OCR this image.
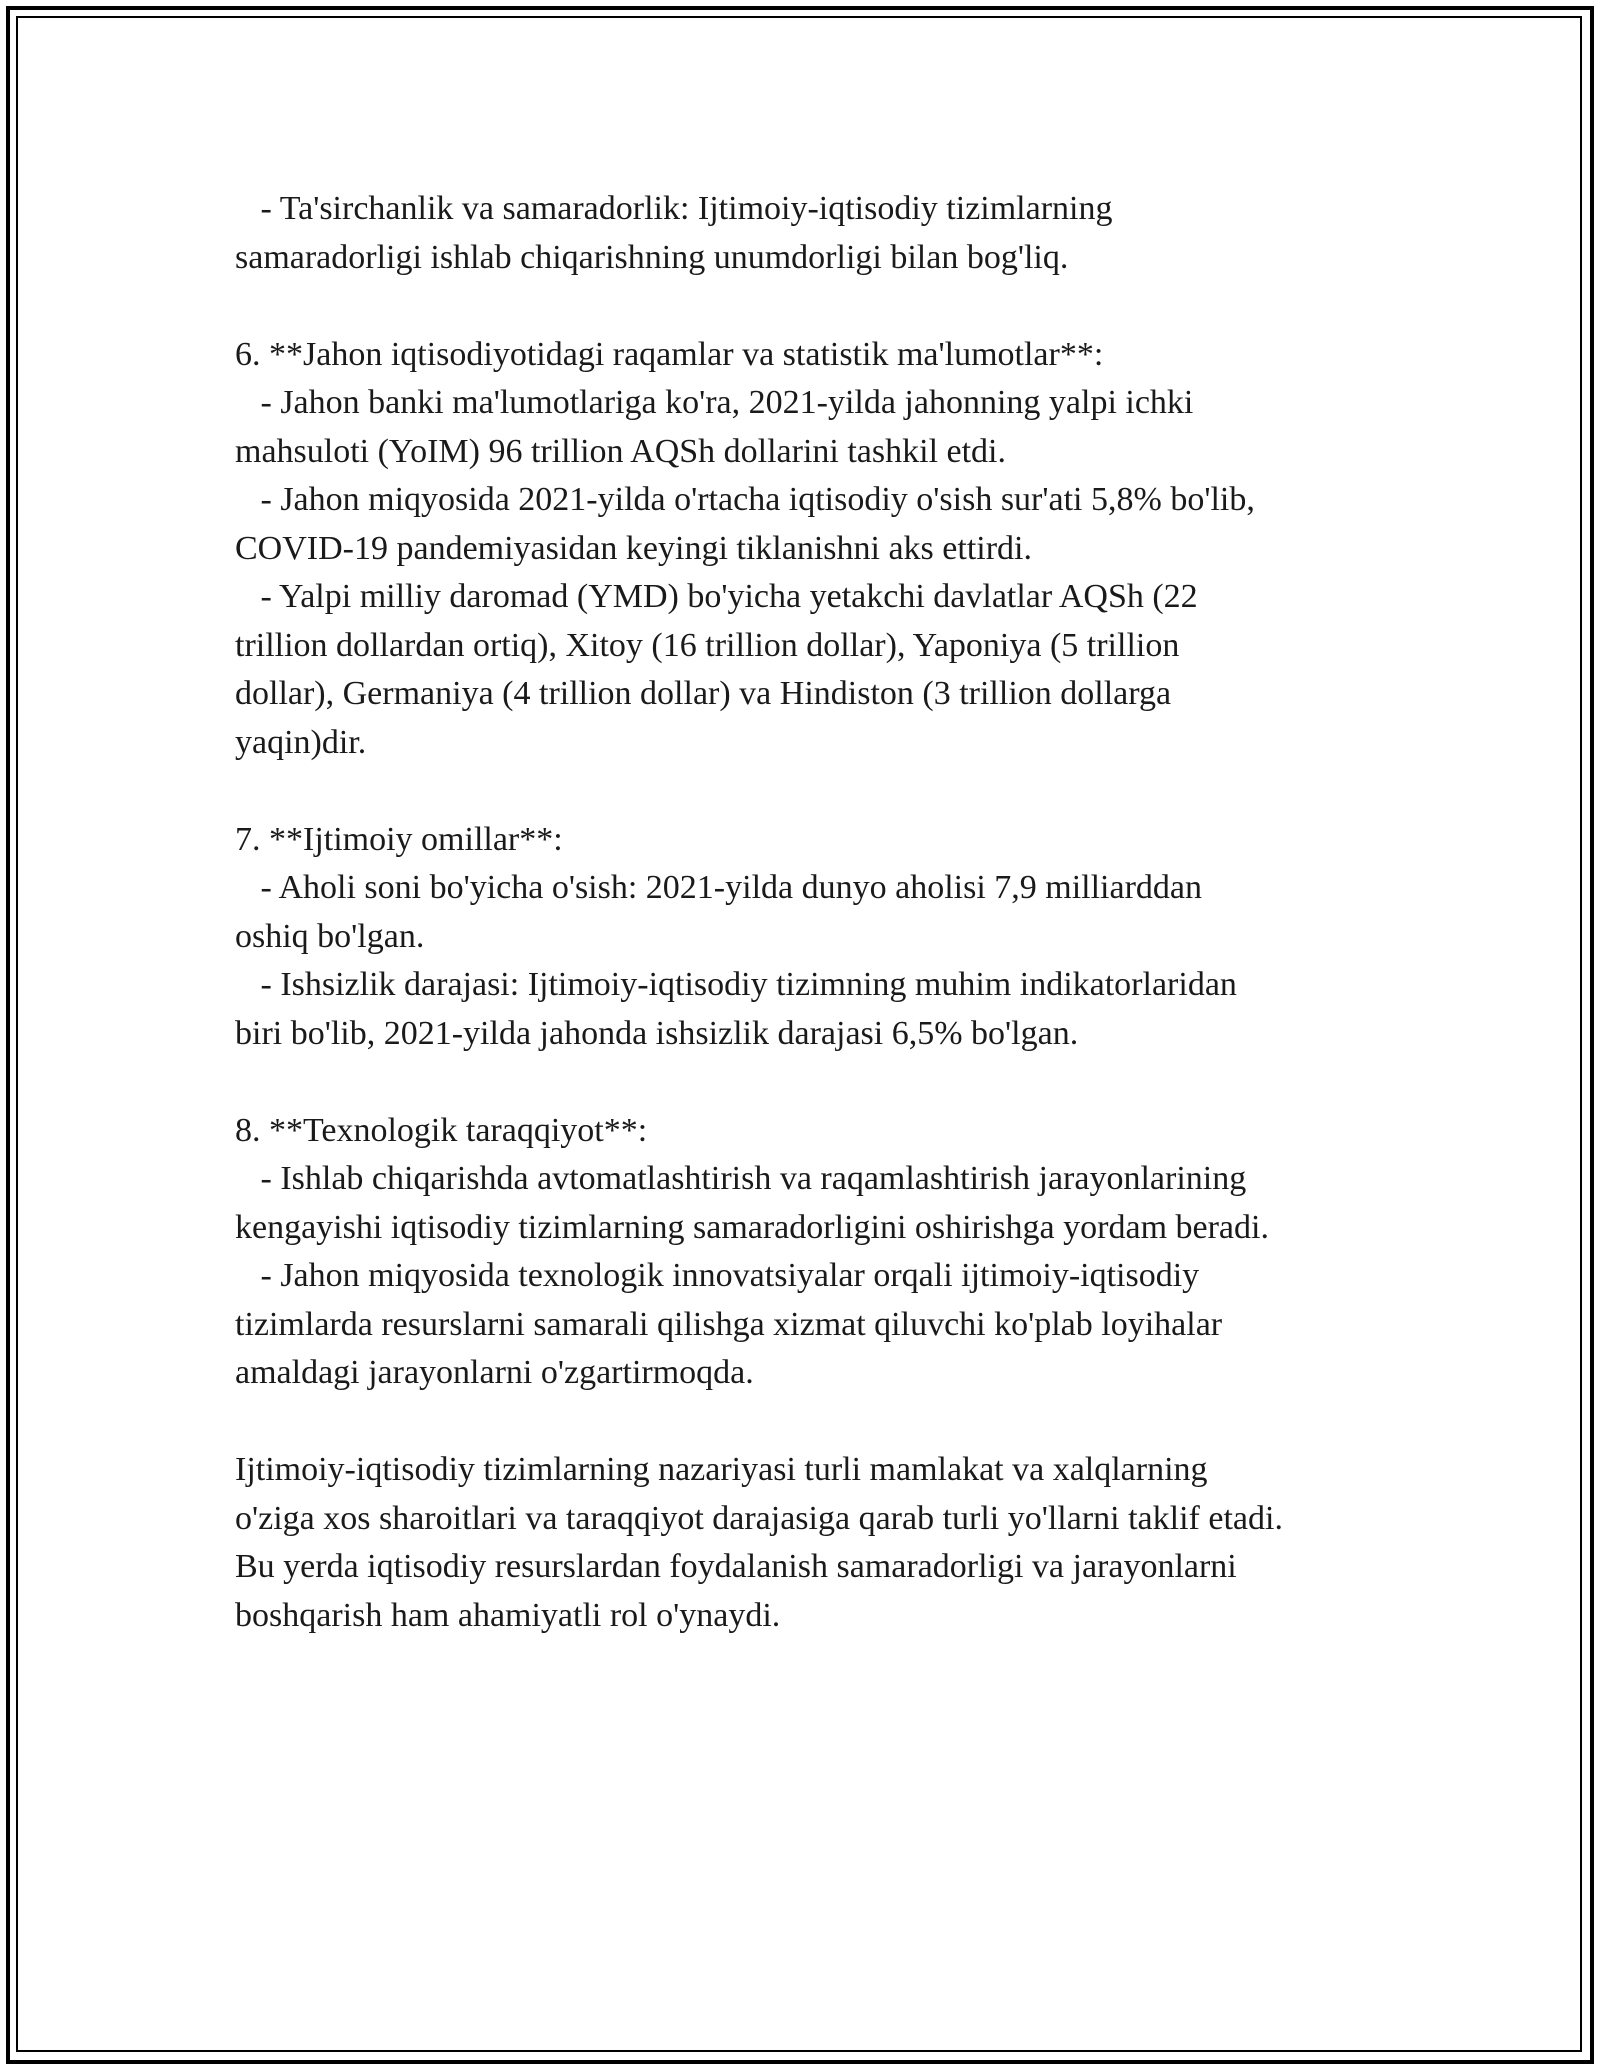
- Ta'sirchanlik va samaradorlik: Ijtimoiy-iqtisodiy tizimlarning
samaradorligi ishlab chiqarishning unumdorligi bilan bog'liq.
6. **Jahon iqtisodiyotidagi raqamlar va statistik ma'lumotlar**:
- Jahon banki ma'lumotlariga ko'ra, 2021-yilda jahonning yalpi ichki
mahsuloti (YoIM) 96 trillion AQSh dollarini tashkil etdi.
- Jahon miqyosida 2021-yilda o'rtacha iqtisodiy o'sish sur'ati 5,8% bo'lib,
COVID-19 pandemiyasidan keyingi tiklanishni aks ettirdi.
- Yalpi milliy daromad (YMD) bo'yicha yetakchi davlatlar AQSh (22
trillion dollardan ortiq), Xitoy (16 trillion dollar), Yaponiya (5 trillion
dollar), Germaniya (4 trillion dollar) va Hindiston (3 trillion dollarga
yaqin)dir.
7. **Ijtimoiy omillar**:
- Aholi soni bo'yicha o'sish: 2021-yilda dunyo aholisi 7,9 milliarddan
oshiq bo'lgan.
- Ishsizlik darajasi: Ijtimoiy-iqtisodiy tizimning muhim indikatorlaridan
biri bo'lib, 2021-yilda jahonda ishsizlik darajasi 6,5% bo'lgan.
8. **Texnologik taraqqiyot**:
- Ishlab chiqarishda avtomatlashtirish va raqamlashtirish jarayonlarining
kengayishi iqtisodiy tizimlarning samaradorligini oshirishga yordam beradi.
- Jahon miqyosida texnologik innovatsiyalar orqali ijtimoiy-iqtisodiy
tizimlarda resurslarni samarali qilishga xizmat qiluvchi ko'plab loyihalar
amaldagi jarayonlarni o'zgartirmoqda.
Ijtimoiy-iqtisodiy tizimlarning nazariyasi turli mamlakat va xalqlarning
o'ziga xos sharoitlari va taraqqiyot darajasiga qarab turli yo'llarni taklif etadi.
Bu yerda iqtisodiy resurslardan foydalanish samaradorligi va jarayonlarni
boshqarish ham ahamiyatli rol o'ynaydi.
